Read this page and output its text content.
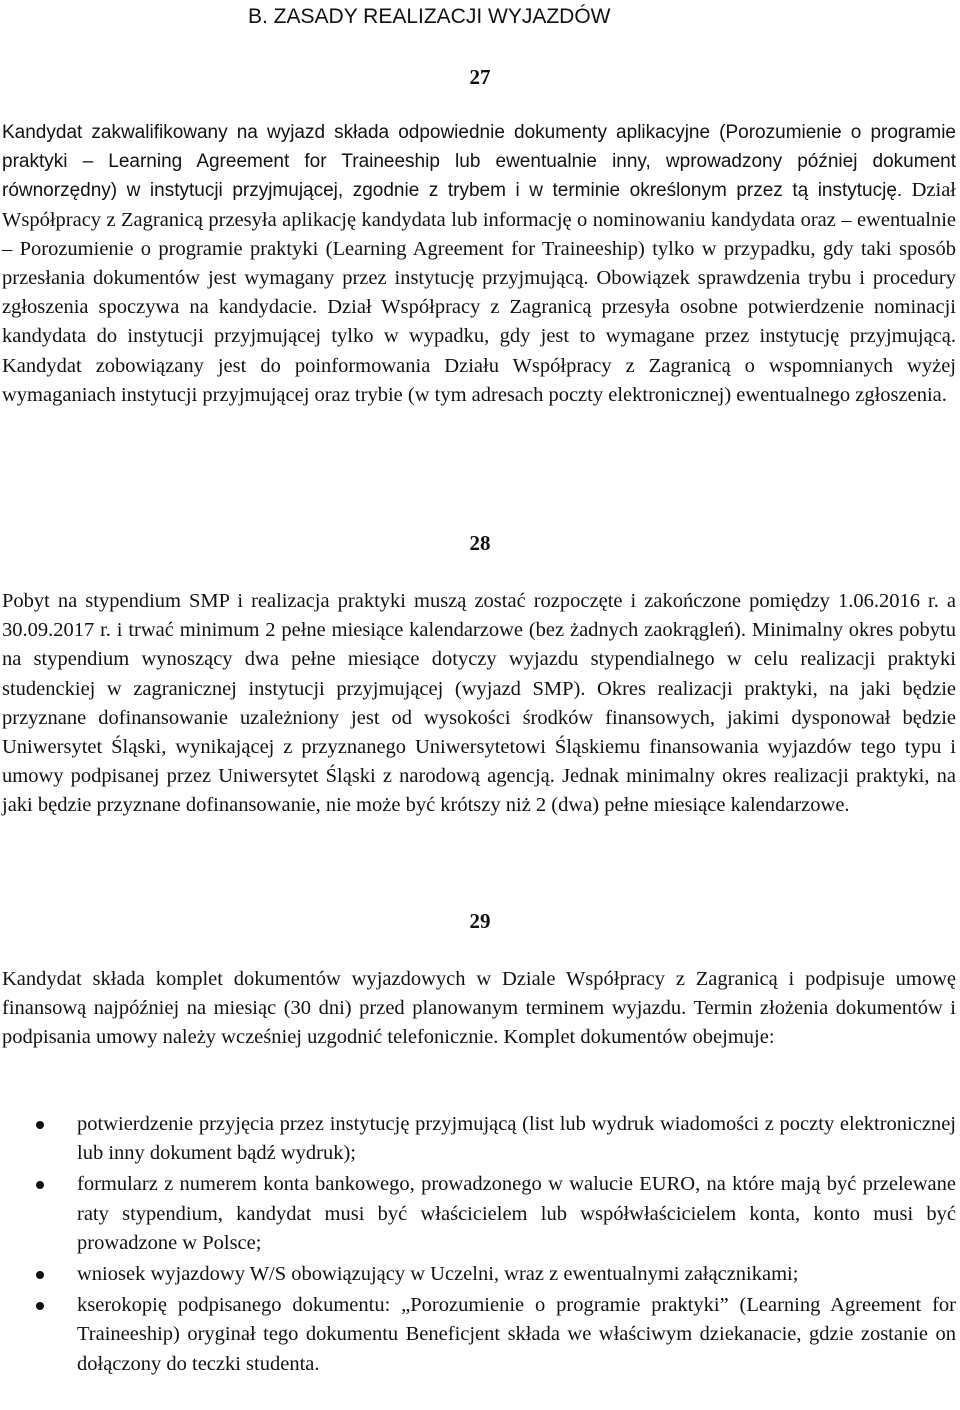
B. ZASADY REALIZACJI WYJAZDÓW
27

Kandydat zakwalifikowany na wyjazd składa odpowiednie dokumenty aplikacyjne (Porozumienie o programie praktyki – Learning Agreement for Traineeship lub ewentualnie inny, wprowadzony później dokument równorzędny) w instytucji przyjmującej, zgodnie z trybem i w terminie określonym przez tą instytucję. Dział Współpracy z Zagranicą przesyła aplikację kandydata lub informację o nominowaniu kandydata oraz – ewentualnie – Porozumienie o programie praktyki (Learning Agreement for Traineeship) tylko w przypadku, gdy taki sposób przesłania dokumentów jest wymagany przez instytucję przyjmującą. Obowiązek sprawdzenia trybu i procedury zgłoszenia spoczywa na kandydacie. Dział Współpracy z Zagranicą przesyła osobne potwierdzenie nominacji kandydata do instytucji przyjmującej tylko w wypadku, gdy jest to wymagane przez instytucję przyjmującą. Kandydat zobowiązany jest do poinformowania Działu Współpracy z Zagranicą o wspomnianych wyżej wymaganiach instytucji przyjmującej oraz trybie (w tym adresach poczty elektronicznej) ewentualnego zgłoszenia.

28

Pobyt na stypendium SMP i realizacja praktyki muszą zostać rozpoczęte i zakończone pomiędzy 1.06.2016 r. a 30.09.2017 r. i trwać minimum 2 pełne miesiące kalendarzowe (bez żadnych zaokrągleń). Minimalny okres pobytu na stypendium wynoszący dwa pełne miesiące dotyczy wyjazdu stypendialnego w celu realizacji praktyki studenckiej w zagranicznej instytucji przyjmującej (wyjazd SMP). Okres realizacji praktyki, na jaki będzie przyznane dofinansowanie uzależniony jest od wysokości środków finansowych, jakimi dysponował będzie Uniwersytet Śląski, wynikającej z przyznanego Uniwersytetowi Śląskiemu finansowania wyjazdów tego typu i umowy podpisanej przez Uniwersytet Śląski z narodową agencją. Jednak minimalny okres realizacji praktyki, na jaki będzie przyznane dofinansowanie, nie może być krótszy niż 2 (dwa) pełne miesiące kalendarzowe.

29

Kandydat składa komplet dokumentów wyjazdowych w Dziale Współpracy z Zagranicą i podpisuje umowę finansową najpóźniej na miesiąc (30 dni) przed planowanym terminem wyjazdu. Termin złożenia dokumentów i podpisania umowy należy wcześniej uzgodnić telefonicznie. Komplet dokumentów obejmuje:

potwierdzenie przyjęcia przez instytucję przyjmującą (list lub wydruk wiadomości z poczty elektronicznej lub inny dokument bądź wydruk);
formularz z numerem konta bankowego, prowadzonego w walucie EURO, na które mają być przelewane raty stypendium, kandydat musi być właścicielem lub współwłaścicielem konta, konto musi być prowadzone w Polsce;
wniosek wyjazdowy W/S obowiązujący w Uczelni, wraz z ewentualnymi załącznikami;
kserokopię podpisanego dokumentu: „Porozumienie o programie praktyki” (Learning Agreement for Traineeship) oryginał tego dokumentu Beneficjent składa we właściwym dziekanacie, gdzie zostanie on dołączony do teczki studenta.
